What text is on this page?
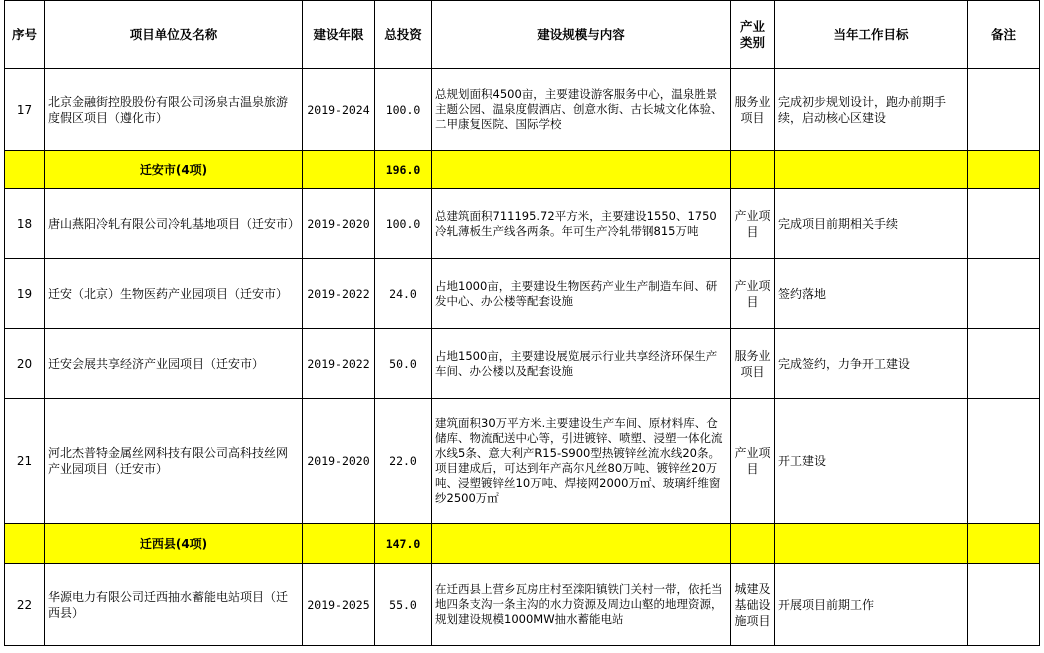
序号	项目单位及名称	建设年限	总投资	建设规模与内容	产业类别	当年工作目标	备注
17	北京金融街控股股份有限公司汤泉古温泉旅游度假区项目（遵化市）	2019-2024	100.0	总规划面积4500亩，主要建设游客服务中心，温泉胜景主题公园、温泉度假酒店、创意水街、古长城文化体验、二甲康复医院、国际学校	服务业项目	完成初步规划设计，跑办前期手续，启动核心区建设	
	迁安市(4项)		196.0				
18	唐山燕阳冷轧有限公司冷轧基地项目（迁安市）	2019-2020	100.0	总建筑面积711195.72平方米，主要建设1550、1750冷轧薄板生产线各两条。年可生产冷轧带钢815万吨	产业项目	完成项目前期相关手续	
19	迁安（北京）生物医药产业园项目（迁安市）	2019-2022	24.0	占地1000亩，主要建设生物医药产业生产制造车间、研发中心、办公楼等配套设施	产业项目	签约落地	
20	迁安会展共享经济产业园项目（迁安市）	2019-2022	50.0	占地1500亩，主要建设展览展示行业共享经济环保生产车间、办公楼以及配套设施	服务业项目	完成签约，力争开工建设	
21	河北杰普特金属丝网科技有限公司高科技丝网产业园项目（迁安市）	2019-2020	22.0	建筑面积30万平方米.主要建设生产车间、原材料库、仓储库、物流配送中心等，引进镀锌、喷塑、浸塑一体化流水线5条、意大利产R15-S900型热镀锌丝流水线20条。项目建成后，可达到年产高尔凡丝80万吨、镀锌丝20万吨、浸塑镀锌丝10万吨、焊接网2000万㎡、玻璃纤维窗纱2500万㎡	产业项目	开工建设	
	迁西县(4项)		147.0				
22	华源电力有限公司迁西抽水蓄能电站项目（迁西县）	2019-2025	55.0	在迁西县上营乡瓦房庄村至滦阳镇铁门关村一带，依托当地四条支沟一条主沟的水力资源及周边山壑的地理资源，规划建设规模1000MW抽水蓄能电站	城建及基础设施项目	开展项目前期工作	
